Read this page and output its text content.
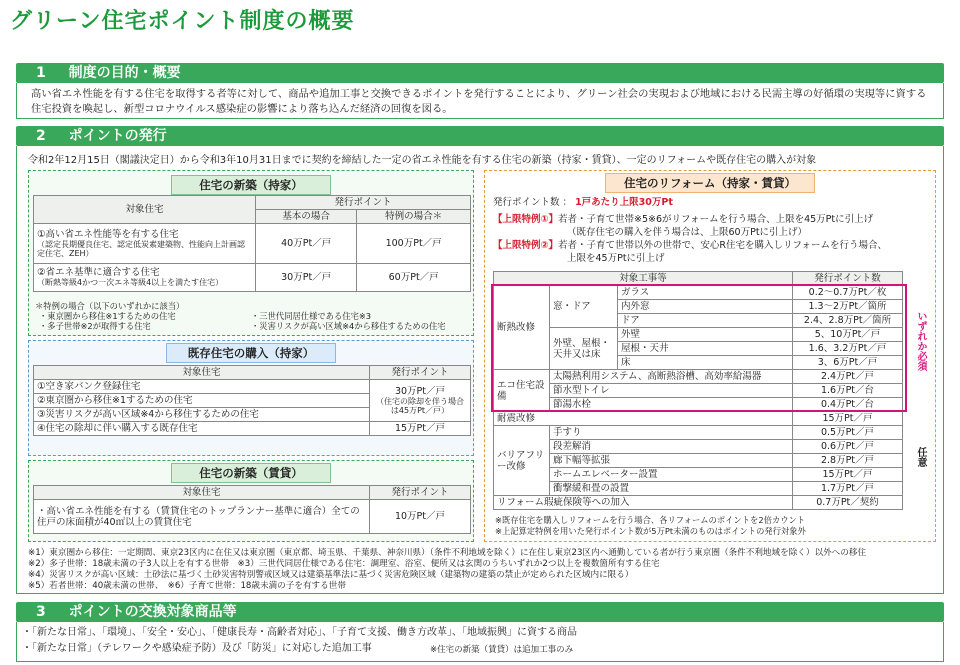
グリーン住宅ポイント制度の概要
1 制度の目的・概要
高い省エネ性能を有する住宅を取得する者等に対して、商品や追加工事と交換できるポイントを発行することにより、グリーン社会の実現および地域における民需主導の好循環の実現等に資する住宅投資を喚起し、新型コロナウイルス感染症の影響により落ち込んだ経済の回復を図る。
2 ポイントの発行
令和2年12月15日（閣議決定日）から令和3年10月31日までに契約を締結した一定の省エネ性能を有する住宅の新築（持家・賃貸）、一定のリフォームや既存住宅の購入が対象
住宅の新築（持家）
対象住宅	発行ポイント	
	基本の場合	特例の場合＊

①高い省エネ性能等を有する住宅
（認定長期優良住宅、認定低炭素建築物、性能向上計画認定住宅、ZEH）	40万Pt／戸	100万Pt／戸

②省エネ基準に適合する住宅
（断熱等級4かつ一次エネ等級4以上を満たす住宅）	30万Pt／戸	60万Pt／戸
＊特例の場合（以下のいずれかに該当）
・東京圏から移住※1するための住宅	・三世代同居仕様である住宅※3
・多子世帯※2が取得する住宅	・災害リスクが高い区域※4から移住するための住宅
既存住宅の購入（持家）
対象住宅	発行ポイント
①空き家バンク登録住宅	30万Pt／戸
（住宅の除却を伴う場合は45万Pt／戸）

②東京圏から移住※1するための住宅	
③災害リスクが高い区域※4から移住するための住宅	
④住宅の除却に伴い購入する既存住宅	15万Pt／戸
住宅の新築（賃貸）
対象住宅	発行ポイント
・高い省エネ性能を有する（賃貸住宅のトップランナー基準に適合）全ての住戸の床面積が40㎡以上の賃貸住宅	10万Pt／戸
住宅のリフォーム（持家・賃貸）
発行ポイント数 ： 1戸あたり上限30万Pt
【上限特例①】若者・子育て世帯※5※6がリフォームを行う場合、上限を45万Ptに引上げ
（既存住宅の購入を伴う場合は、上限60万Ptに引上げ）
【上限特例②】若者・子育て世帯以外の世帯で、安心R住宅を購入しリフォームを行う場合、
上限を45万Ptに引上げ
対象工事等			発行ポイント数
断熱改修	窓・ドア	ガラス	0.2～0.7万Pt／枚
		内外窓	1.3～2万Pt／箇所
		ドア	2.4、2.8万Pt／箇所
	外壁、屋根・天井又は床	外壁	5、10万Pt／戸
		屋根・天井	1.6、3.2万Pt／戸
		床	3、6万Pt／戸
エコ住宅設備	太陽熱利用システム、高断熱浴槽、高効率給湯器		2.4万Pt／戸
	節水型トイレ		1.6万Pt／台
	節湯水栓		0.4万Pt／台
耐震改修			15万Pt／戸
バリアフリー改修	手すり		0.5万Pt／戸
	段差解消		0.6万Pt／戸
	廊下幅等拡張		2.8万Pt／戸
	ホームエレベーター設置		15万Pt／戸
	衝撃緩和畳の設置		1.7万Pt／戸
リフォーム瑕疵保険等への加入			0.7万Pt／契約
いずれか必須
任意
※既存住宅を購入しリフォームを行う場合、各リフォームのポイントを2倍カウント
※上記算定特例を用いた発行ポイント数が5万Pt未満のものはポイントの発行対象外
※1）東京圏から移住：一定期間、東京23区内に在住又は東京圏（東京都、埼玉県、千葉県、神奈川県）（条件不利地域を除く）に在住し東京23区内へ通勤している者が行う東京圏（条件不利地域を除く）以外への移住
※2）多子世帯：18歳未満の子3人以上を有する世帯　※3）三世代同居仕様である住宅：調理室、浴室、便所又は玄関のうちいずれか2つ以上を複数箇所有する住宅
※4）災害リスクが高い区域：土砂法に基づく土砂災害特別警戒区域又は建築基準法に基づく災害危険区域（建築物の建築の禁止が定められた区域内に限る）
※5）若者世帯：40歳未満の世帯、　※6）子育て世帯：18歳未満の子を有する世帯
3 ポイントの交換対象商品等
・「新たな日常」、「環境」、「安全・安心」、「健康長寿・高齢者対応」、「子育て支援、働き方改革」、「地域振興」に資する商品
・「新たな日常」（テレワークや感染症予防）及び「防災」に対応した追加工事	※住宅の新築（賃貸）は追加工事のみ
